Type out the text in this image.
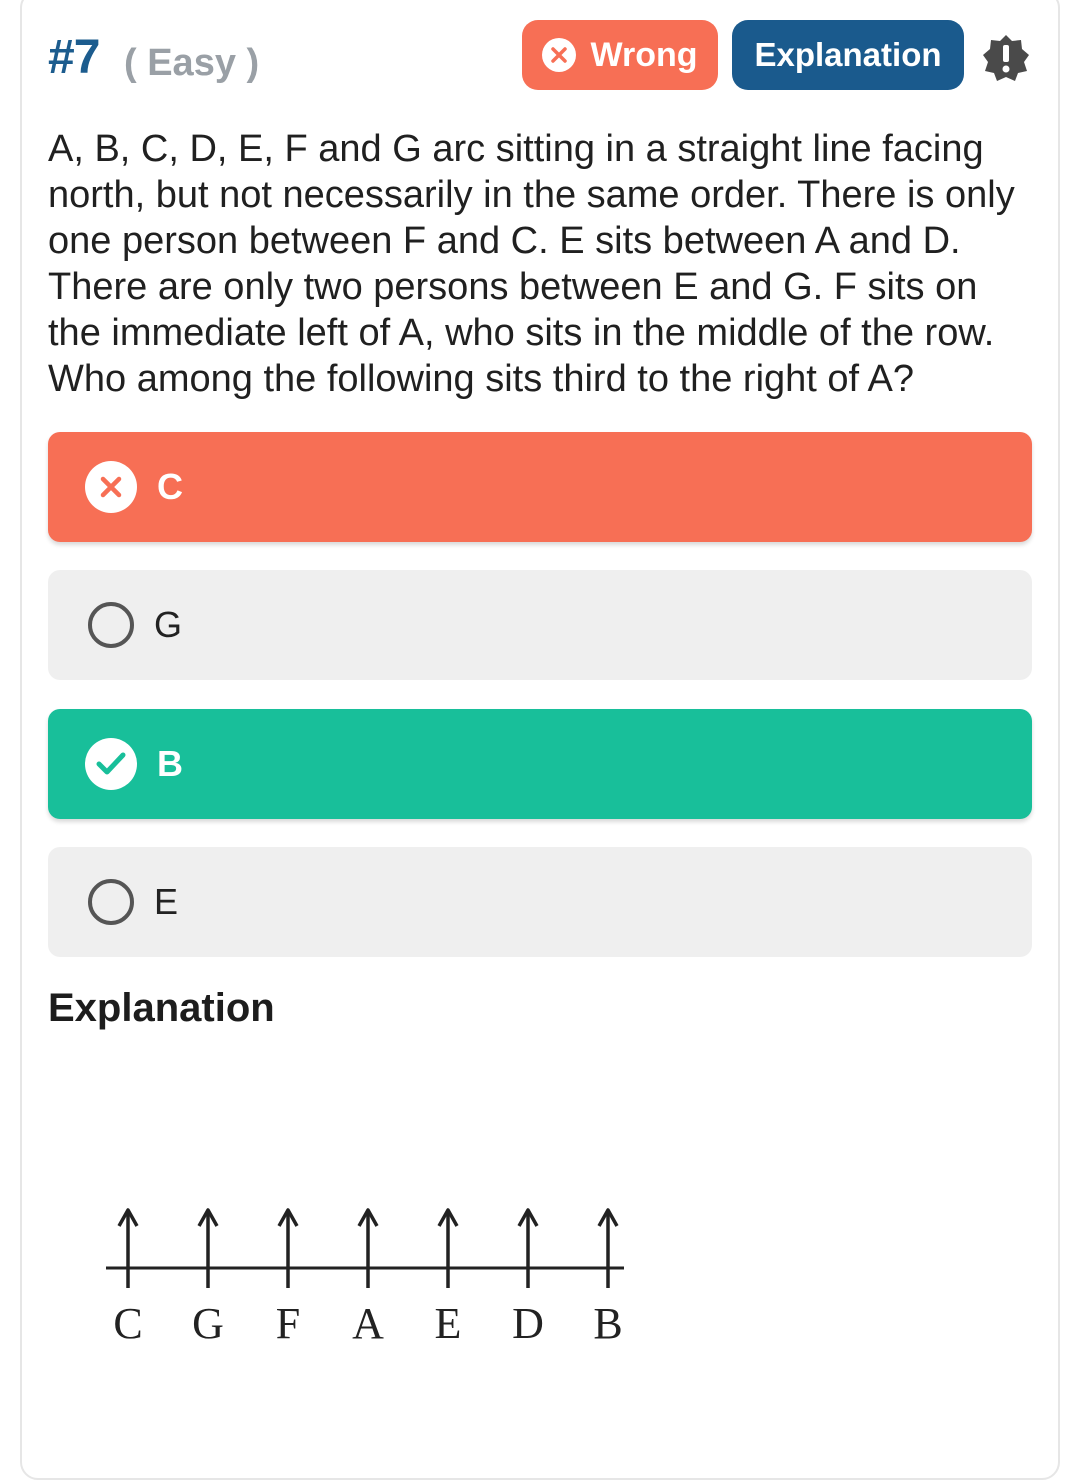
#7 ( Easy )	Wrong	Explanation
A, B, C, D, E, F and G arc sitting in a straight line facing north, but not necessarily in the same order. There is only one person between F and C. E sits between A and D. There are only two persons between E and G. F sits on the immediate left of A, who sits in the middle of the row. Who among the following sits third to the right of A?
C
G
B
E
Explanation
C G F A E D B
